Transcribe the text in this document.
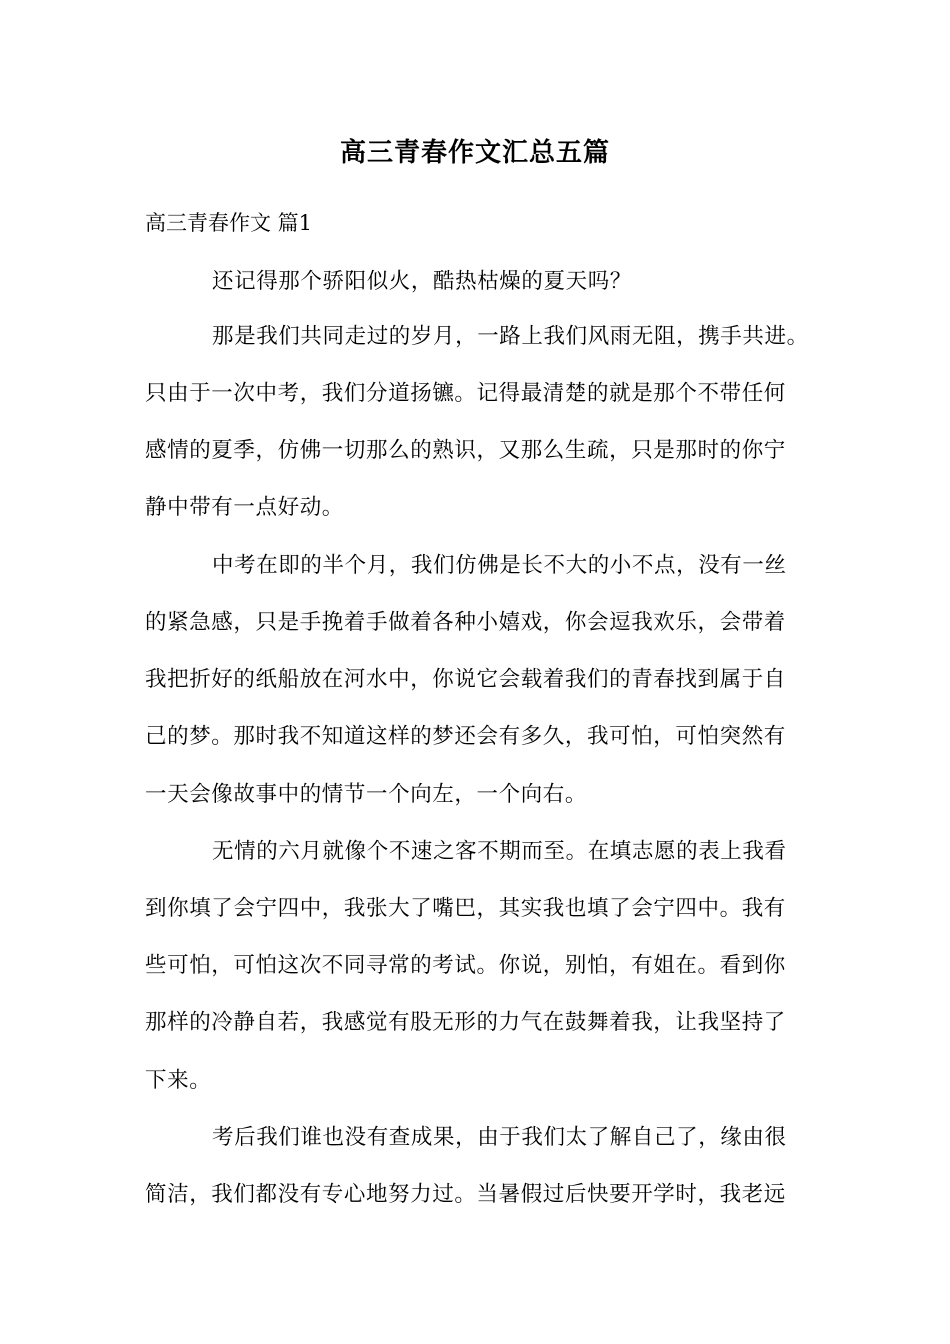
高三青春作文汇总五篇
高三青春作文 篇1
还记得那个骄阳似火，酷热枯燥的夏天吗？
那是我们共同走过的岁月，一路上我们风雨无阻，携手共进。
只由于一次中考，我们分道扬镳。记得最清楚的就是那个不带任何
感情的夏季，仿佛一切那么的熟识，又那么生疏，只是那时的你宁
静中带有一点好动。
中考在即的半个月，我们仿佛是长不大的小不点，没有一丝
的紧急感，只是手挽着手做着各种小嬉戏，你会逗我欢乐，会带着
我把折好的纸船放在河水中，你说它会载着我们的青春找到属于自
己的梦。那时我不知道这样的梦还会有多久，我可怕，可怕突然有
一天会像故事中的情节一个向左，一个向右。
无情的六月就像个不速之客不期而至。在填志愿的表上我看
到你填了会宁四中，我张大了嘴巴，其实我也填了会宁四中。我有
些可怕，可怕这次不同寻常的考试。你说，别怕，有姐在。看到你
那样的冷静自若，我感觉有股无形的力气在鼓舞着我，让我坚持了
下来。
考后我们谁也没有查成果，由于我们太了解自己了，缘由很
简洁，我们都没有专心地努力过。当暑假过后快要开学时，我老远
